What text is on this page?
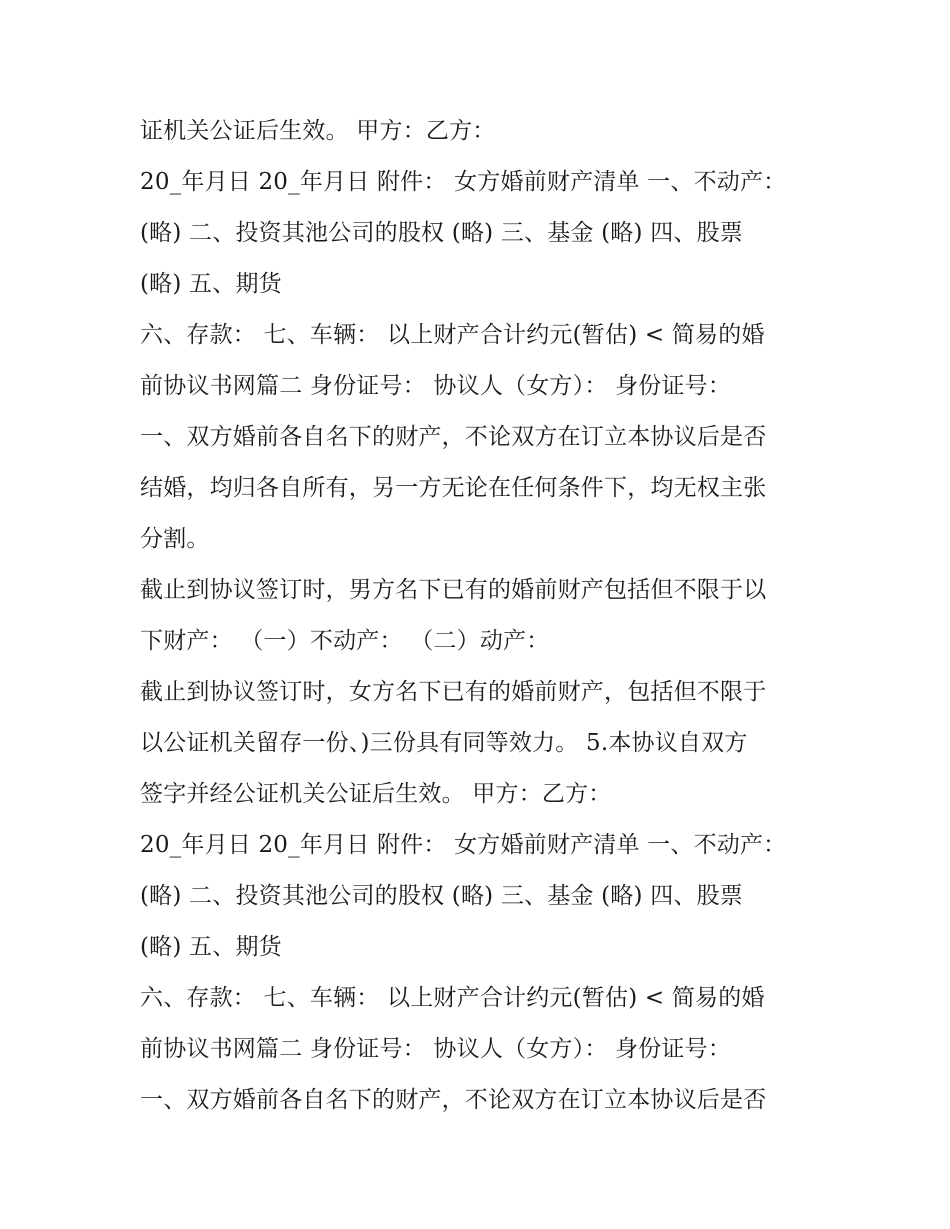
证机关公证后生效。 甲方：乙方：
20_年月日 20_年月日 附件： 女方婚前财产清单 一、不动产：
(略) 二、投资其池公司的股权 (略) 三、基金 (略) 四、股票
(略) 五、期货
六、存款： 七、车辆： 以上财产合计约元(暂估) < 简易的婚
前协议书网篇二 身份证号： 协议人（女方）： 身份证号：
一、双方婚前各自名下的财产，不论双方在订立本协议后是否
结婚，均归各自所有，另一方无论在任何条件下，均无权主张
分割。
截止到协议签订时，男方名下已有的婚前财产包括但不限于以
下财产： （一）不动产： （二）动产：
截止到协议签订时，女方名下已有的婚前财产，包括但不限于
以公证机关留存一份、)三份具有同等效力。 5.本协议自双方
签字并经公证机关公证后生效。 甲方：乙方：
20_年月日 20_年月日 附件： 女方婚前财产清单 一、不动产：
(略) 二、投资其池公司的股权 (略) 三、基金 (略) 四、股票
(略) 五、期货
六、存款： 七、车辆： 以上财产合计约元(暂估) < 简易的婚
前协议书网篇二 身份证号： 协议人（女方）： 身份证号：
一、双方婚前各自名下的财产，不论双方在订立本协议后是否
